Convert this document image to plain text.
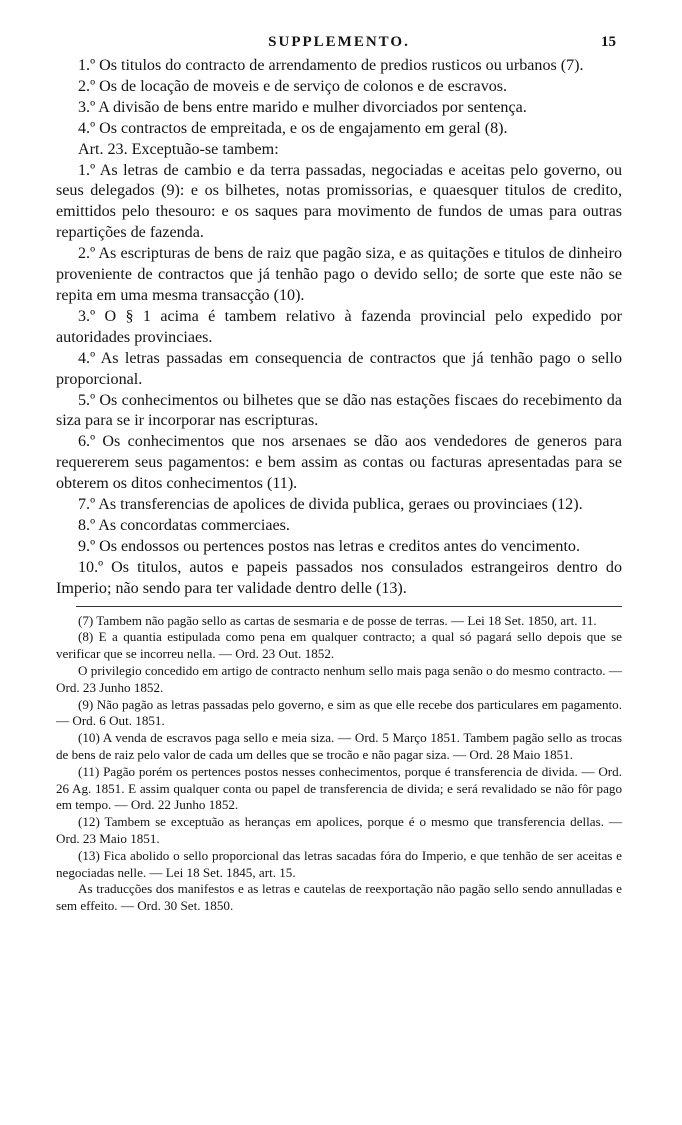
SUPPLEMENTO.	15

1.º Os titulos do contracto de arrendamento de predios rusticos ou urbanos (7).

2.º Os de locação de moveis e de serviço de colonos e de escravos.

3.º A divisão de bens entre marido e mulher divorciados por sentença.

4.º Os contractos de empreitada, e os de engajamento em geral (8).

Art. 23. Exceptuão-se tambem:

1.º As letras de cambio e da terra passadas, negociadas e aceitas pelo governo, ou seus delegados (9): e os bilhetes, notas promissorias, e quaesquer titulos de credito, emittidos pelo thesouro: e os saques para movimento de fundos de umas para outras repartições de fazenda.

2.º As escripturas de bens de raiz que pagão siza, e as quitações e titulos de dinheiro proveniente de contractos que já tenhão pago o devido sello; de sorte que este não se repita em uma mesma transacção (10).

3.º O § 1 acima é tambem relativo à fazenda provincial pelo expedido por autoridades provinciaes.

4.º As letras passadas em consequencia de contractos que já tenhão pago o sello proporcional.

5.º Os conhecimentos ou bilhetes que se dão nas estações fiscaes do recebimento da siza para se ir incorporar nas escripturas.

6.º Os conhecimentos que nos arsenaes se dão aos vendedores de generos para requererem seus pagamentos: e bem assim as contas ou facturas apresentadas para se obterem os ditos conhecimentos (11).

7.º As transferencias de apolices de divida publica, geraes ou provinciaes (12).

8.º As concordatas commerciaes.

9.º Os endossos ou pertences postos nas letras e creditos antes do vencimento.

10.º Os titulos, autos e papeis passados nos consulados estrangeiros dentro do Imperio; não sendo para ter validade dentro delle (13).

(7) Tambem não pagão sello as cartas de sesmaria e de posse de terras. — Lei 18 Set. 1850, art. 11.

(8) E a quantia estipulada como pena em qualquer contracto; a qual só pagará sello depois que se verificar que se incorreu nella. — Ord. 23 Out. 1852.

O privilegio concedido em artigo de contracto nenhum sello mais paga senão o do mesmo contracto. — Ord. 23 Junho 1852.

(9) Não pagão as letras passadas pelo governo, e sim as que elle recebe dos particulares em pagamento. — Ord. 6 Out. 1851.

(10) A venda de escravos paga sello e meia siza. — Ord. 5 Março 1851. Tambem pagão sello as trocas de bens de raiz pelo valor de cada um delles que se trocão e não pagar siza. — Ord. 28 Maio 1851.

(11) Pagão porém os pertences postos nesses conhecimentos, porque é transferencia de divida. — Ord. 26 Ag. 1851. E assim qualquer conta ou papel de transferencia de divida; e será revalidado se não fôr pago em tempo. — Ord. 22 Junho 1852.

(12) Tambem se exceptuão as heranças em apolices, porque é o mesmo que transferencia dellas. — Ord. 23 Maio 1851.

(13) Fica abolido o sello proporcional das letras sacadas fóra do Imperio, e que tenhão de ser aceitas e negociadas nelle. — Lei 18 Set. 1845, art. 15.

As traducções dos manifestos e as letras e cautelas de reexportação não pagão sello sendo annulladas e sem effeito. — Ord. 30 Set. 1850.
